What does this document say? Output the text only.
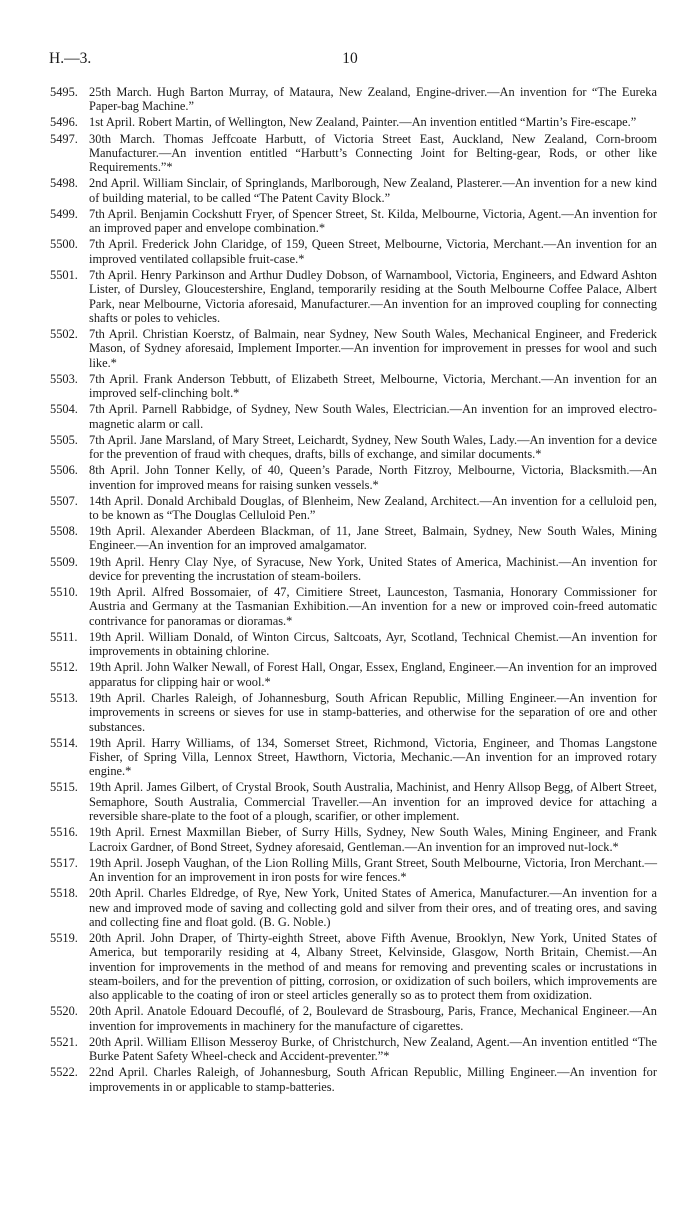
H.—3.	10
5495. 25th March. Hugh Barton Murray, of Mataura, New Zealand, Engine-driver.—An invention for “The Eureka Paper-bag Machine.”
5496. 1st April. Robert Martin, of Wellington, New Zealand, Painter.—An invention entitled “Martin’s Fire-escape.”
5497. 30th March. Thomas Jeffcoate Harbutt, of Victoria Street East, Auckland, New Zealand, Corn-broom Manufacturer.—An invention entitled “Harbutt’s Connecting Joint for Belting-gear, Rods, or other like Requirements.”*
5498. 2nd April. William Sinclair, of Springlands, Marlborough, New Zealand, Plasterer.—An invention for a new kind of building material, to be called “The Patent Cavity Block.”
5499. 7th April. Benjamin Cockshutt Fryer, of Spencer Street, St. Kilda, Melbourne, Victoria, Agent.—An invention for an improved paper and envelope combination.*
5500. 7th April. Frederick John Claridge, of 159, Queen Street, Melbourne, Victoria, Merchant.—An invention for an improved ventilated collapsible fruit-case.*
5501. 7th April. Henry Parkinson and Arthur Dudley Dobson, of Warnambool, Victoria, Engineers, and Edward Ashton Lister, of Dursley, Gloucestershire, England, temporarily residing at the South Melbourne Coffee Palace, Albert Park, near Melbourne, Victoria aforesaid, Manufacturer.—An invention for an improved coupling for connecting shafts or poles to vehicles.
5502. 7th April. Christian Koerstz, of Balmain, near Sydney, New South Wales, Mechanical Engineer, and Frederick Mason, of Sydney aforesaid, Implement Importer.—An invention for improvement in presses for wool and such like.*
5503. 7th April. Frank Anderson Tebbutt, of Elizabeth Street, Melbourne, Victoria, Merchant.—An invention for an improved self-clinching bolt.*
5504. 7th April. Parnell Rabbidge, of Sydney, New South Wales, Electrician.—An invention for an improved electro-magnetic alarm or call.
5505. 7th April. Jane Marsland, of Mary Street, Leichardt, Sydney, New South Wales, Lady.—An invention for a device for the prevention of fraud with cheques, drafts, bills of exchange, and similar documents.*
5506. 8th April. John Tonner Kelly, of 40, Queen’s Parade, North Fitzroy, Melbourne, Victoria, Blacksmith.—An invention for improved means for raising sunken vessels.*
5507. 14th April. Donald Archibald Douglas, of Blenheim, New Zealand, Architect.—An invention for a celluloid pen, to be known as “The Douglas Celluloid Pen.”
5508. 19th April. Alexander Aberdeen Blackman, of 11, Jane Street, Balmain, Sydney, New South Wales, Mining Engineer.—An invention for an improved amalgamator.
5509. 19th April. Henry Clay Nye, of Syracuse, New York, United States of America, Machinist.—An invention for device for preventing the incrustation of steam-boilers.
5510. 19th April. Alfred Bossomaier, of 47, Cimitiere Street, Launceston, Tasmania, Honorary Commissioner for Austria and Germany at the Tasmanian Exhibition.—An invention for a new or improved coin-freed automatic contrivance for panoramas or dioramas.*
5511. 19th April. William Donald, of Winton Circus, Saltcoats, Ayr, Scotland, Technical Chemist.—An invention for improvements in obtaining chlorine.
5512. 19th April. John Walker Newall, of Forest Hall, Ongar, Essex, England, Engineer.—An invention for an improved apparatus for clipping hair or wool.*
5513. 19th April. Charles Raleigh, of Johannesburg, South African Republic, Milling Engineer.—An invention for improvements in screens or sieves for use in stamp-batteries, and otherwise for the separation of ore and other substances.
5514. 19th April. Harry Williams, of 134, Somerset Street, Richmond, Victoria, Engineer, and Thomas Langstone Fisher, of Spring Villa, Lennox Street, Hawthorn, Victoria, Mechanic.—An invention for an improved rotary engine.*
5515. 19th April. James Gilbert, of Crystal Brook, South Australia, Machinist, and Henry Allsop Begg, of Albert Street, Semaphore, South Australia, Commercial Traveller.—An invention for an improved device for attaching a reversible share-plate to the foot of a plough, scarifier, or other implement.
5516. 19th April. Ernest Maxmillan Bieber, of Surry Hills, Sydney, New South Wales, Mining Engineer, and Frank Lacroix Gardner, of Bond Street, Sydney aforesaid, Gentleman.—An invention for an improved nut-lock.*
5517. 19th April. Joseph Vaughan, of the Lion Rolling Mills, Grant Street, South Melbourne, Victoria, Iron Merchant.—An invention for an improvement in iron posts for wire fences.*
5518. 20th April. Charles Eldredge, of Rye, New York, United States of America, Manufacturer.—An invention for a new and improved mode of saving and collecting gold and silver from their ores, and of treating ores, and saving and collecting fine and float gold. (B. G. Noble.)
5519. 20th April. John Draper, of Thirty-eighth Street, above Fifth Avenue, Brooklyn, New York, United States of America, but temporarily residing at 4, Albany Street, Kelvinside, Glasgow, North Britain, Chemist.—An invention for improvements in the method of and means for removing and preventing scales or incrustations in steam-boilers, and for the prevention of pitting, corrosion, or oxidization of such boilers, which improvements are also applicable to the coating of iron or steel articles generally so as to protect them from oxidization.
5520. 20th April. Anatole Edouard Decouflé, of 2, Boulevard de Strasbourg, Paris, France, Mechanical Engineer.—An invention for improvements in machinery for the manufacture of cigarettes.
5521. 20th April. William Ellison Messeroy Burke, of Christchurch, New Zealand, Agent.—An invention entitled “The Burke Patent Safety Wheel-check and Accident-preventer.”*
5522. 22nd April. Charles Raleigh, of Johannesburg, South African Republic, Milling Engineer.—An invention for improvements in or applicable to stamp-batteries.
